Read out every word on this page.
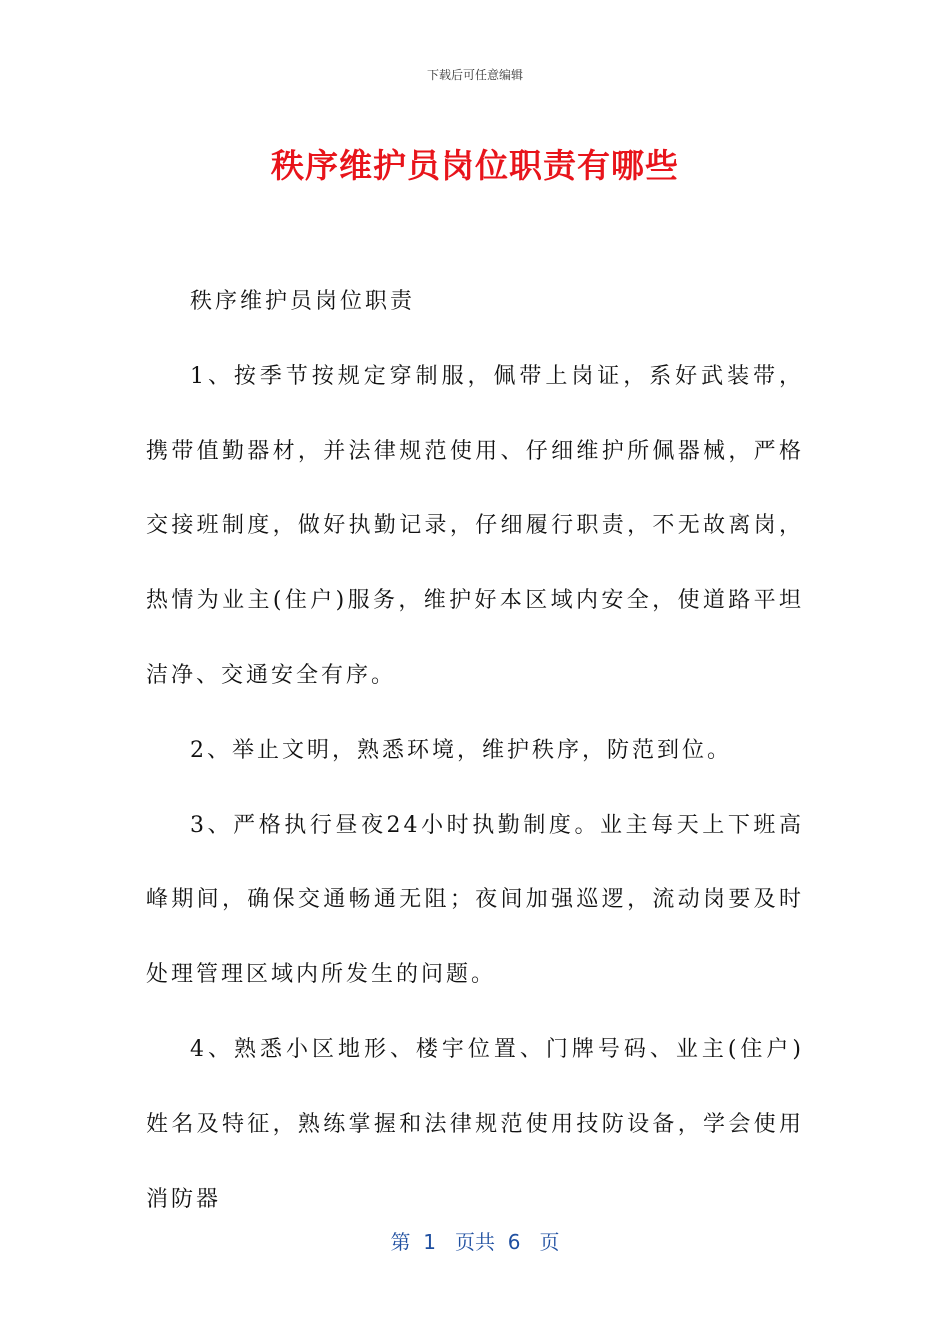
下载后可任意编辑
秩序维护员岗位职责有哪些

秩序维护员岗位职责

1、按季节按规定穿制服，佩带上岗证，系好武装带，携带值勤器材，并法律规范使用、仔细维护所佩器械，严格交接班制度，做好执勤记录，仔细履行职责，不无故离岗，热情为业主(住户)服务，维护好本区域内安全，使道路平坦洁净、交通安全有序。

2、举止文明，熟悉环境，维护秩序，防范到位。

3、严格执行昼夜24小时执勤制度。业主每天上下班高峰期间，确保交通畅通无阻；夜间加强巡逻，流动岗要及时处理管理区域内所发生的问题。

4、熟悉小区地形、楼宇位置、门牌号码、业主(住户)姓名及特征，熟练掌握和法律规范使用技防设备，学会使用消防器

第  1   页共  6   页
